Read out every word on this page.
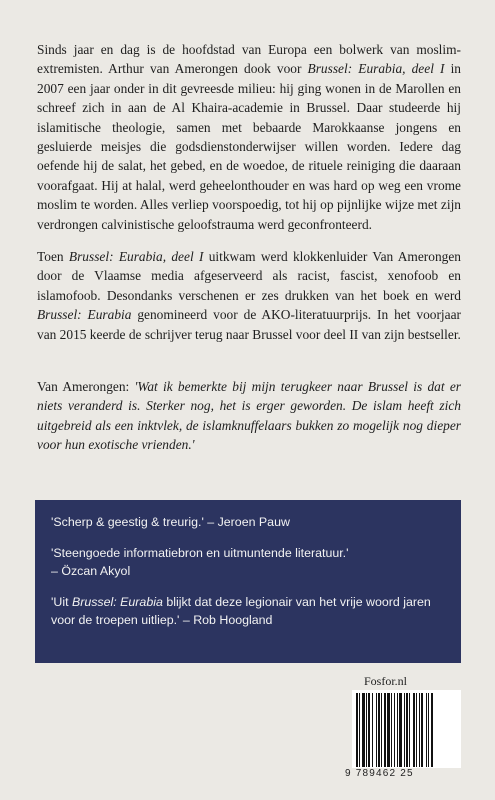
Sinds jaar en dag is de hoofdstad van Europa een bolwerk van moslim-extremisten. Arthur van Amerongen dook voor Brussel: Eurabia, deel I in 2007 een jaar onder in dit gevreesde milieu: hij ging wonen in de Marollen en schreef zich in aan de Al Khaira-academie in Brussel. Daar studeerde hij islamitische theologie, samen met bebaarde Marokkaanse jongens en gesluierde meisjes die godsdienstonderwijser willen worden. Iedere dag oefende hij de salat, het gebed, en de woedoe, de rituele reiniging die daaraan voorafgaat. Hij at halal, werd geheelonthouder en was hard op weg een vrome moslim te worden. Alles verliep voorspoedig, tot hij op pijnlijke wijze met zijn verdrongen calvinistische geloofstrauma werd geconfronteerd.

Toen Brussel: Eurabia, deel I uitkwam werd klokkenluider Van Amerongen door de Vlaamse media afgeserveerd als racist, fascist, xenofoob en islamofoob. Desondanks verschenen er zes drukken van het boek en werd Brussel: Eurabia genomineerd voor de AKO-literatuurprijs. In het voorjaar van 2015 keerde de schrijver terug naar Brussel voor deel II van zijn bestseller.

Van Amerongen: 'Wat ik bemerkte bij mijn terugkeer naar Brussel is dat er niets veranderd is. Sterker nog, het is erger geworden. De islam heeft zich uitgebreid als een inktvlek, de islamknuffelaars bukken zo mogelijk nog dieper voor hun exotische vrienden.'

'Scherp & geestig & treurig.' – Jeroen Pauw

'Steengoede informatiebron en uitmuntende literatuur.'
– Özcan Akyol

'Uit Brussel: Eurabia blijkt dat deze legionair van het vrije woord jaren voor de troepen uitliep.' – Rob Hoogland

Fosfor.nl
9 789462 25
